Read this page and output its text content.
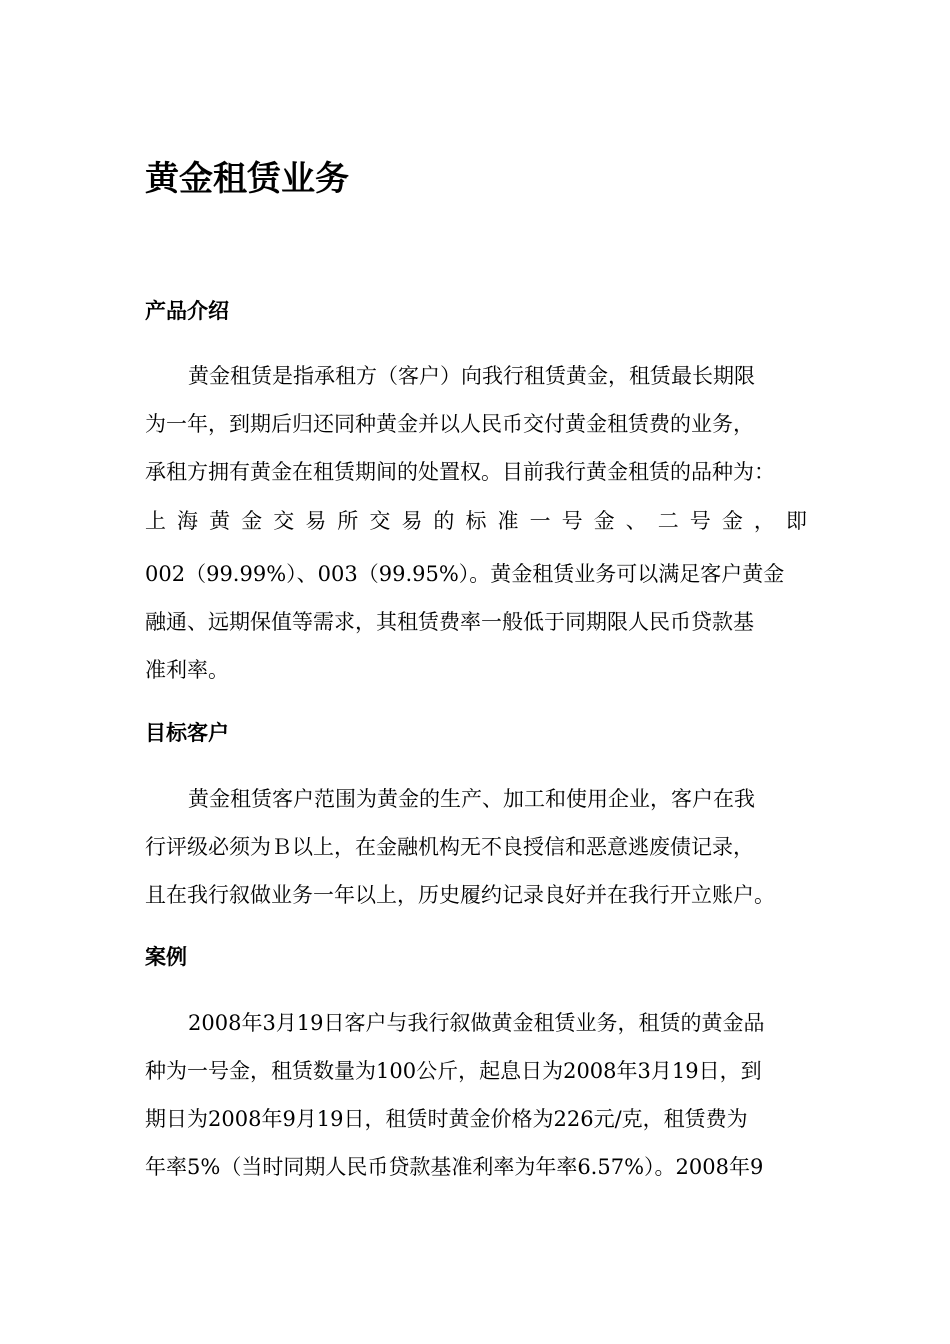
黄金租赁业务
产品介绍
黄金租赁是指承租方（客户）向我行租赁黄金，租赁最长期限
为一年，到期后归还同种黄金并以人民币交付黄金租赁费的业务，
承租方拥有黄金在租赁期间的处置权。目前我行黄金租赁的品种为：
上 海 黄 金 交 易 所 交 易 的 标 准 一 号 金 、 二 号 金 ， 即
002（99.99%）、003（99.95%）。黄金租赁业务可以满足客户黄金
融通、远期保值等需求，其租赁费率一般低于同期限人民币贷款基
准利率。
目标客户
黄金租赁客户范围为黄金的生产、加工和使用企业，客户在我
行评级必须为Ｂ以上，在金融机构无不良授信和恶意逃废债记录，
且在我行叙做业务一年以上，历史履约记录良好并在我行开立账户。
案例
2008年3月19日客户与我行叙做黄金租赁业务，租赁的黄金品
种为一号金，租赁数量为100公斤，起息日为2008年3月19日，到
期日为2008年9月19日，租赁时黄金价格为226元/克，租赁费为
年率5%（当时同期人民币贷款基准利率为年率6.57%）。2008年9
